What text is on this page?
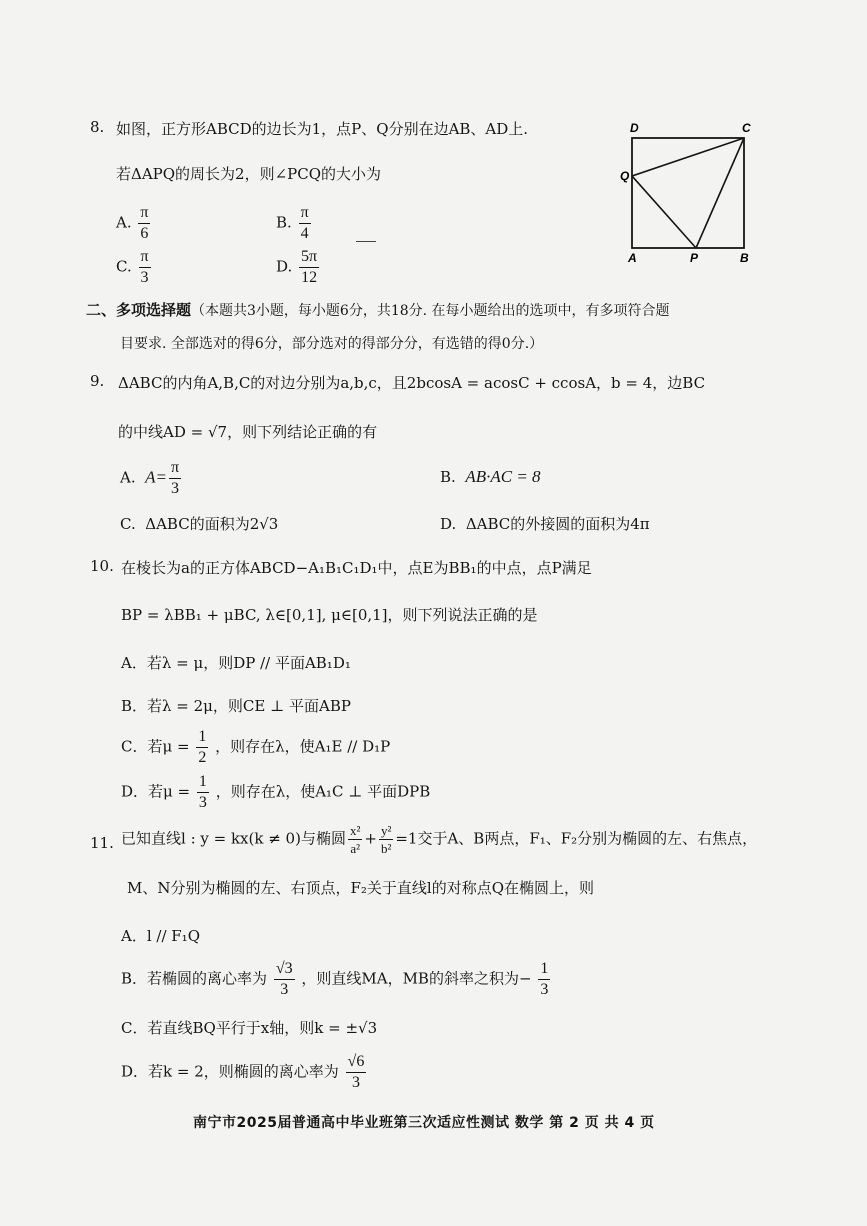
8. 如图，正方形ABCD的边长为1，点P、Q分别在边AB、AD上.
若ΔAPQ的周长为2，则∠PCQ的大小为
A. $\frac{\pi}{6}$	B. $\frac{\pi}{4}$
C. $\frac{\pi}{3}$	D. $\frac{5\pi}{12}$
D	C
Q
A	P	B
二、多项选择题（本题共3小题，每小题6分，共18分. 在每小题给出的选项中，有多项符合题
目要求. 全部选对的得6分，部分选对的得部分分，有选错的得0分.）
9. ΔABC的内角A,B,C的对边分别为a,b,c，且2bcosA = acosC + ccosA，b = 4，边BC
的中线AD = √7，则下列结论正确的有
A. $A= \frac{\pi}{3}$	B. AB·AC = 8
C. ΔABC的面积为2√3	D. ΔABC的外接圆的面积为4π
10. 在棱长为a的正方体ABCD−A₁B₁C₁D₁中，点E为BB₁的中点，点P满足
BP = λBB₁ + μBC, λ∈[0,1], μ∈[0,1]，则下列说法正确的是
A．若λ = μ，则DP // 平面AB₁D₁
B．若λ = 2μ，则CE ⊥ 平面ABP
C．若$\mu = \frac{1}{2}$ ，则存在λ，使A₁E // D₁P
D．若$\mu = \frac{1}{3}$ ，则存在λ，使A₁C ⊥ 平面DPB
11. 已知直线l : y = kx(k ≠ 0)与椭圆 $\frac{\text{x²}}{\text{a²}} + \frac{\text{y²}}{\text{b²}} =1$交于A、B两点，F₁、F₂分别为椭圆的左、右焦点，
M、N分别为椭圆的左、右顶点，F₂关于直线l的对称点Q在椭圆上，则
A．l // F₁Q
B．若椭圆的离心率为 $\frac{√3}{3}$ ，则直线MA，MB的斜率之积为− $\frac{1}{3}$
C．若直线BQ平行于x轴，则k = ±√3
D．若k = 2，则椭圆的离心率为 $\frac{√6}{3}$
南宁市2025届普通高中毕业班第三次适应性测试 数学 第 2 页 共 4 页
